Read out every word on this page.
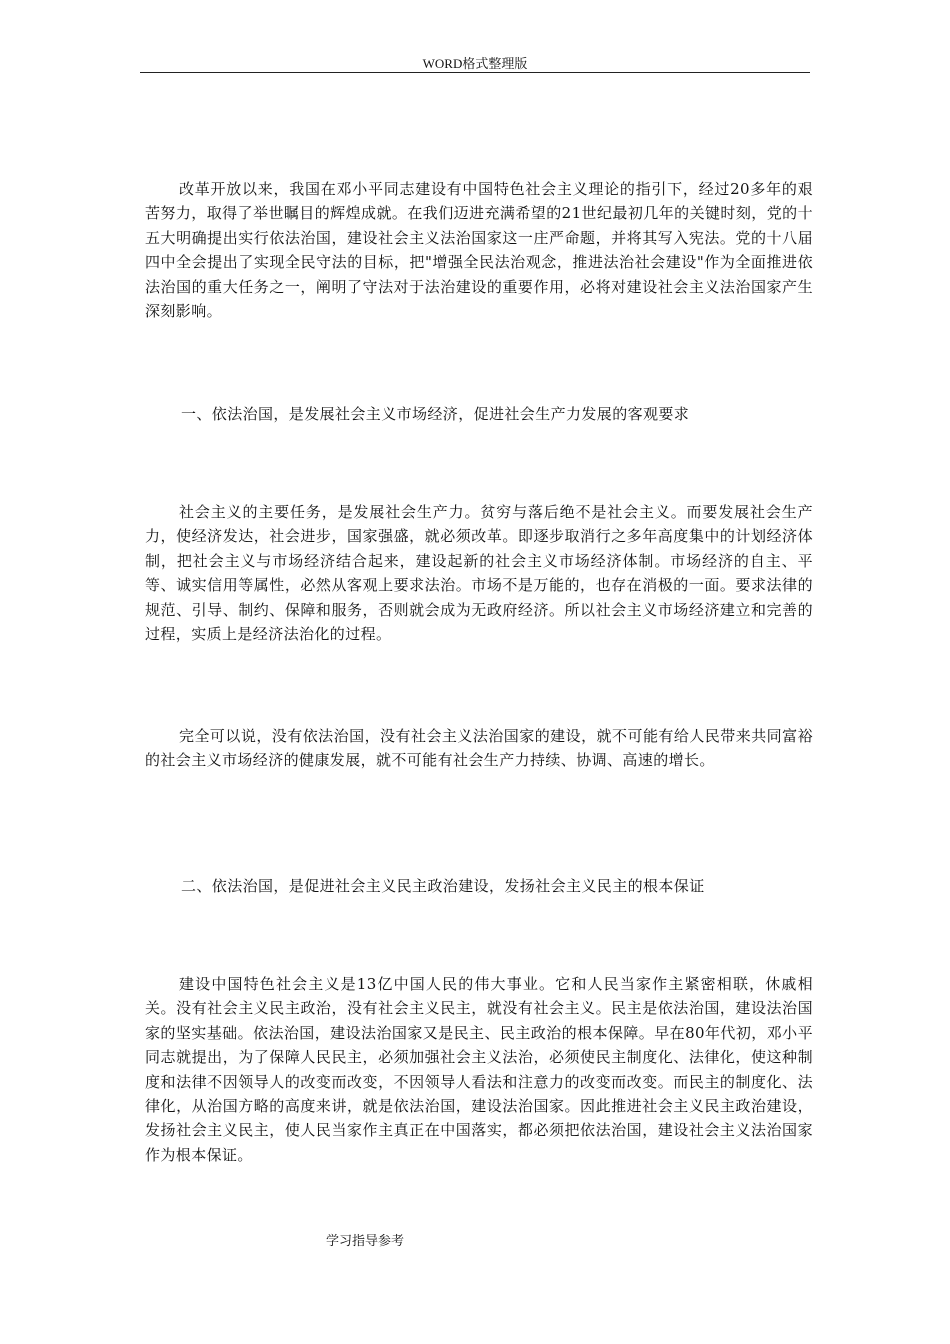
WORD格式整理版

改革开放以来，我国在邓小平同志建设有中国特色社会主义理论的指引下，经过20多年的艰苦努力，取得了举世瞩目的辉煌成就。在我们迈进充满希望的21世纪最初几年的关键时刻，党的十五大明确提出实行依法治国，建设社会主义法治国家这一庄严命题，并将其写入宪法。党的十八届四中全会提出了实现全民守法的目标，把"增强全民法治观念，推进法治社会建设"作为全面推进依法治国的重大任务之一，阐明了守法对于法治建设的重要作用，必将对建设社会主义法治国家产生深刻影响。

一、依法治国，是发展社会主义市场经济，促进社会生产力发展的客观要求

社会主义的主要任务，是发展社会生产力。贫穷与落后绝不是社会主义。而要发展社会生产力，使经济发达，社会进步，国家强盛，就必须改革。即逐步取消行之多年高度集中的计划经济体制，把社会主义与市场经济结合起来，建设起新的社会主义市场经济体制。市场经济的自主、平等、诚实信用等属性，必然从客观上要求法治。市场不是万能的，也存在消极的一面。要求法律的规范、引导、制约、保障和服务，否则就会成为无政府经济。所以社会主义市场经济建立和完善的过程，实质上是经济法治化的过程。

完全可以说，没有依法治国，没有社会主义法治国家的建设，就不可能有给人民带来共同富裕的社会主义市场经济的健康发展，就不可能有社会生产力持续、协调、高速的增长。

二、依法治国，是促进社会主义民主政治建设，发扬社会主义民主的根本保证

建设中国特色社会主义是13亿中国人民的伟大事业。它和人民当家作主紧密相联，休戚相关。没有社会主义民主政治，没有社会主义民主，就没有社会主义。民主是依法治国，建设法治国家的坚实基础。依法治国，建设法治国家又是民主、民主政治的根本保障。早在80年代初，邓小平同志就提出，为了保障人民民主，必须加强社会主义法治，必须使民主制度化、法律化，使这种制度和法律不因领导人的改变而改变，不因领导人看法和注意力的改变而改变。而民主的制度化、法律化，从治国方略的高度来讲，就是依法治国，建设法治国家。因此推进社会主义民主政治建设，发扬社会主义民主，使人民当家作主真正在中国落实，都必须把依法治国，建设社会主义法治国家作为根本保证。

学习指导参考
